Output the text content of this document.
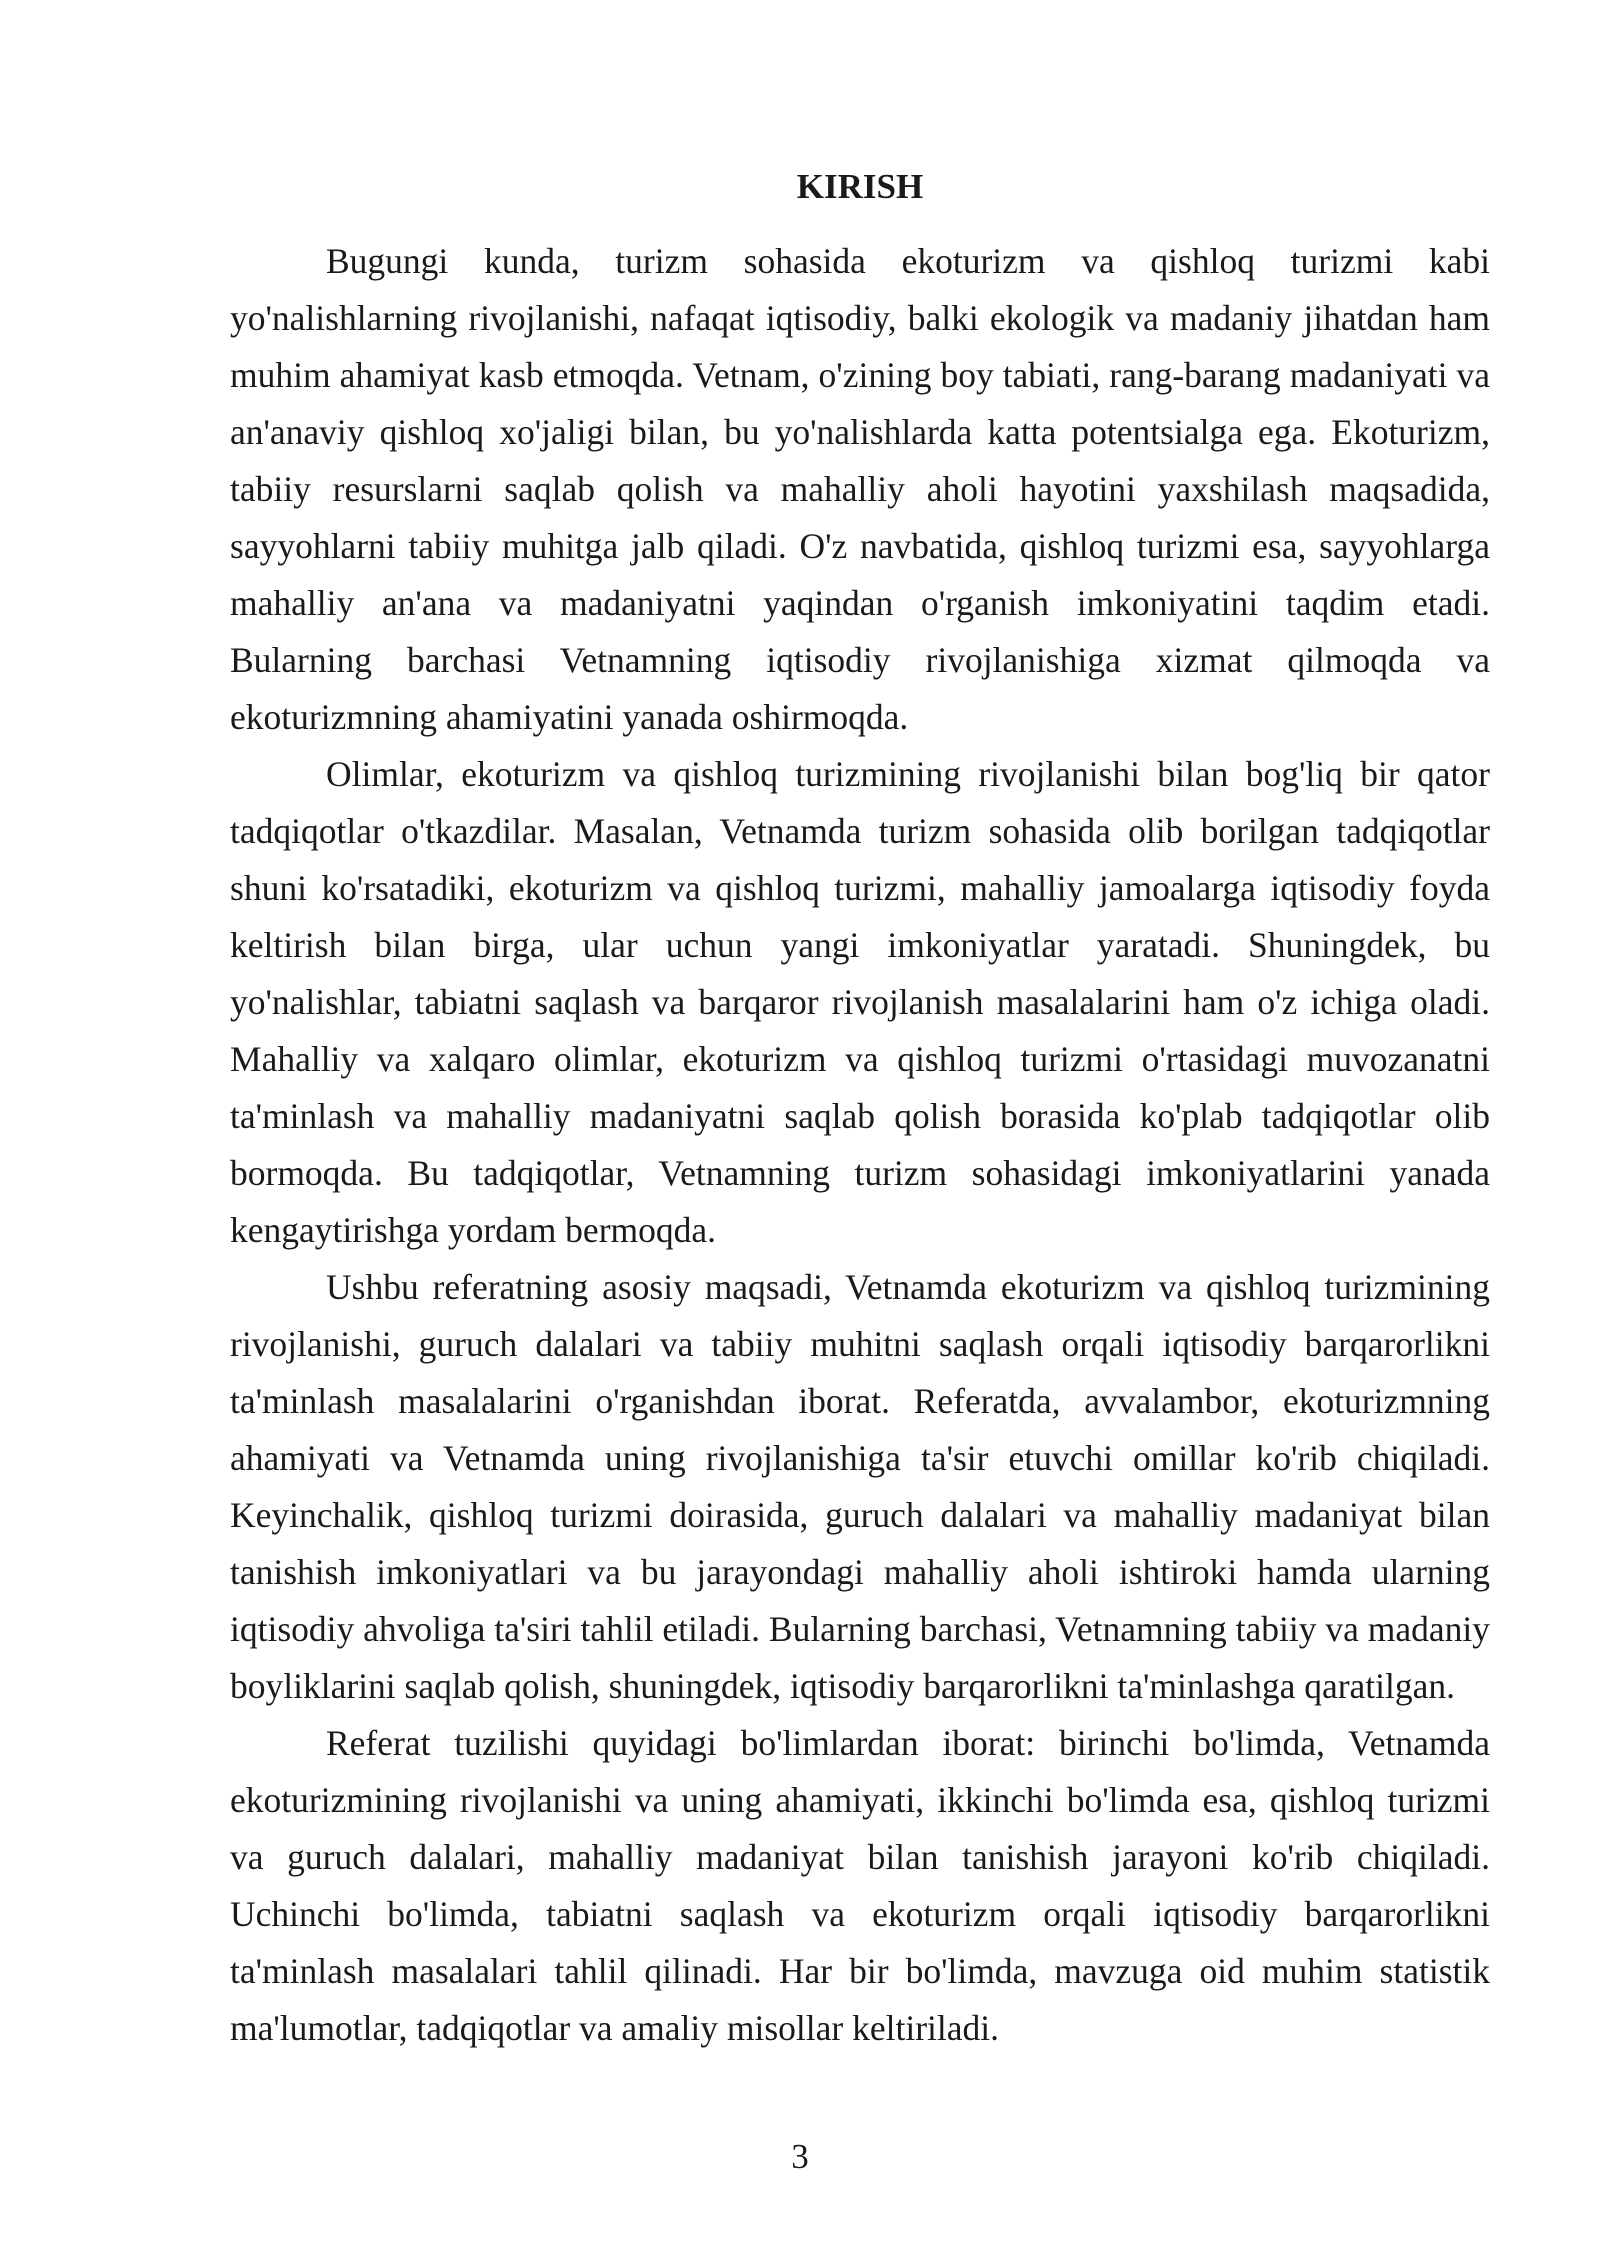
KIRISH

Bugungi kunda, turizm sohasida ekoturizm va qishloq turizmi kabi yo'nalishlarning rivojlanishi, nafaqat iqtisodiy, balki ekologik va madaniy jihatdan ham muhim ahamiyat kasb etmoqda. Vetnam, o'zining boy tabiati, rang-barang madaniyati va an'anaviy qishloq xo'jaligi bilan, bu yo'nalishlarda katta potentsialga ega. Ekoturizm, tabiiy resurslarni saqlab qolish va mahalliy aholi hayotini yaxshilash maqsadida, sayyohlarni tabiiy muhitga jalb qiladi. O'z navbatida, qishloq turizmi esa, sayyohlarga mahalliy an'ana va madaniyatni yaqindan o'rganish imkoniyatini taqdim etadi. Bularning barchasi Vetnamning iqtisodiy rivojlanishiga xizmat qilmoqda va ekoturizmning ahamiyatini yanada oshirmoqda.

Olimlar, ekoturizm va qishloq turizmining rivojlanishi bilan bog'liq bir qator tadqiqotlar o'tkazdilar. Masalan, Vetnamda turizm sohasida olib borilgan tadqiqotlar shuni ko'rsatadiki, ekoturizm va qishloq turizmi, mahalliy jamoalarga iqtisodiy foyda keltirish bilan birga, ular uchun yangi imkoniyatlar yaratadi. Shuningdek, bu yo'nalishlar, tabiatni saqlash va barqaror rivojlanish masalalarini ham o'z ichiga oladi. Mahalliy va xalqaro olimlar, ekoturizm va qishloq turizmi o'rtasidagi muvozanatni ta'minlash va mahalliy madaniyatni saqlab qolish borasida ko'plab tadqiqotlar olib bormoqda. Bu tadqiqotlar, Vetnamning turizm sohasidagi imkoniyatlarini yanada kengaytirishga yordam bermoqda.

Ushbu referatning asosiy maqsadi, Vetnamda ekoturizm va qishloq turizmining rivojlanishi, guruch dalalari va tabiiy muhitni saqlash orqali iqtisodiy barqarorlikni ta'minlash masalalarini o'rganishdan iborat. Referatda, avvalambor, ekoturizmning ahamiyati va Vetnamda uning rivojlanishiga ta'sir etuvchi omillar ko'rib chiqiladi. Keyinchalik, qishloq turizmi doirasida, guruch dalalari va mahalliy madaniyat bilan tanishish imkoniyatlari va bu jarayondagi mahalliy aholi ishtiroki hamda ularning iqtisodiy ahvoliga ta'siri tahlil etiladi. Bularning barchasi, Vetnamning tabiiy va madaniy boyliklarini saqlab qolish, shuningdek, iqtisodiy barqarorlikni ta'minlashga qaratilgan.

Referat tuzilishi quyidagi bo'limlardan iborat: birinchi bo'limda, Vetnamda ekoturizmining rivojlanishi va uning ahamiyati, ikkinchi bo'limda esa, qishloq turizmi va guruch dalalari, mahalliy madaniyat bilan tanishish jarayoni ko'rib chiqiladi. Uchinchi bo'limda, tabiatni saqlash va ekoturizm orqali iqtisodiy barqarorlikni ta'minlash masalalari tahlil qilinadi. Har bir bo'limda, mavzuga oid muhim statistik ma'lumotlar, tadqiqotlar va amaliy misollar keltiriladi.

3
